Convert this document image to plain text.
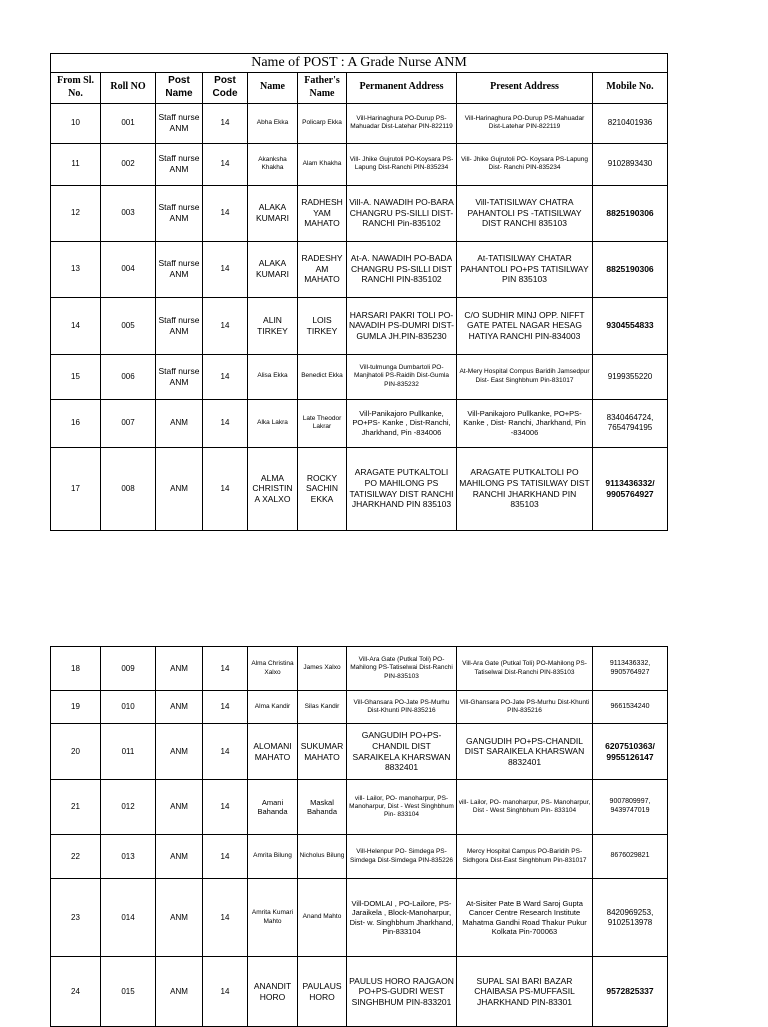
Name of POST : A Grade Nurse ANM								
From Sl. No.	Roll NO	Post Name	Post Code	Name	Father's Name	Permanent Address	Present Address	Mobile No.
10	001	Staff nurse ANM	14	Abha Ekka	Policarp Ekka	Vill-Harinaghura PO-Durup PS-Mahuadar Dist-Latehar PIN-822119	Vill-Harinaghura PO-Durup PS-Mahuadar Dist-Latehar PIN-822119	8210401936
11	002	Staff nurse ANM	14	Akanksha Khakha	Alam Khakha	Vill- Jhike Gujrutoli PO-Koysara PS- Lapung Dist-Ranchi PIN-835234	Vill- Jhike Gujrutoli PO- Koysara PS-Lapung Dist- Ranchi PIN-835234	9102893430
12	003	Staff nurse ANM	14	ALAKA KUMARI	RADHESH YAM MAHATO	Vill-A. NAWADIH PO-BARA CHANGRU PS-SILLI DIST- RANCHI Pin-835102	Vill-TATISILWAY CHATRA PAHANTOLI PS -TATISILWAY DIST RANCHI 835103	8825190306
13	004	Staff nurse ANM	14	ALAKA KUMARI	RADESHY AM MAHATO	At-A. NAWADIH PO-BADA CHANGRU PS-SILLI DIST RANCHI PIN-835102	At-TATISILWAY CHATAR PAHANTOLI PO+PS TATISILWAY PIN 835103	8825190306
14	005	Staff nurse ANM	14	ALIN TIRKEY	LOIS TIRKEY	HARSARI PAKRI TOLI PO-NAVADIH PS-DUMRI DIST-GUMLA JH.PIN-835230	C/O SUDHIR MINJ OPP. NIFFT GATE PATEL NAGAR HESAG HATIYA RANCHI PIN-834003	9304554833
15	006	Staff nurse ANM	14	Alisa Ekka	Benedict Ekka	Vill-tulmunga Dumbartoli PO-Manjhatoli PS-Raidih Dist-Gumla PIN-835232	At-Mery Hospital Compus Baridih Jamsedpur Dist- East Singhbhum Pin-831017	9199355220
16	007	ANM	14	Alka Lakra	Late Theodor Lakrar	Vill-Panikajoro Pullkanke, PO+PS- Kanke , Dist-Ranchi, Jharkhand, Pin -834006	Vill-Panikajoro Pullkanke, PO+PS- Kanke , Dist- Ranchi, Jharkhand, Pin -834006	8340464724, 7654794195
17	008	ANM	14	ALMA CHRISTIN A XALXO	ROCKY SACHIN EKKA	ARAGATE PUTKALTOLI PO MAHILONG PS TATISILWAY DIST RANCHI JHARKHAND PIN 835103	ARAGATE PUTKALTOLI PO MAHILONG PS TATISILWAY DIST RANCHI JHARKHAND PIN 835103	9113436332/ 9905764927
18	009	ANM	14	Alma Christina Xalxo	James Xalxo	Vill-Ara Gate (Putkal Toli) PO-Mahilong PS-Tatiselwai Dist-Ranchi PIN-835103	Vill-Ara Gate (Putkal Toli) PO-Mahilong PS-Tatiselwai Dist-Ranchi PIN-835103	9113436332, 9905764927
19	010	ANM	14	Alma Kandir	Silas Kandir	Vill-Ghansara PO-Jate PS-Murhu Dist-Khunti PIN-835216	Vill-Ghansara PO-Jate PS-Murhu Dist-Khunti PIN-835216	9661534240
20	011	ANM	14	ALOMANI MAHATO	SUKUMAR MAHATO	GANGUDIH PO+PS-CHANDIL DIST SARAIKELA KHARSWAN 8832401	GANGUDIH PO+PS-CHANDIL DIST SARAIKELA KHARSWAN 8832401	6207510363/ 9955126147
21	012	ANM	14	Amani Bahanda	Maskal Bahanda	vill- Lailor, PO- manoharpur, PS- Manoharpur, Dist - West Singhbhum Pin- 833104	vill- Lailor, PO- manoharpur, PS- Manoharpur, Dist - West Singhbhum Pin- 833104	9007809997, 9439747019
22	013	ANM	14	Amrita Bilung	Nicholus Bilung	Vill-Helenpur PO- Simdega PS-Simdega Dist-Simdega PIN-835226	Mercy Hospital Campus PO-Baridih PS-Sidhgora Dist-East Singhbhum Pin-831017	8676029821
23	014	ANM	14	Amrita Kumari Mahto	Anand Mahto	Vill-DOMLAI , PO-Lailore, PS-Jaraikela , Block-Manoharpur, Dist- w. Singhbhum Jharkhand, Pin-833104	At-Sisiter Pate B Ward Saroj Gupta Cancer Centre Research Institute Mahatma Gandhi Road Thakur Pukur Kolkata Pin-700063	8420969253, 9102513978
24	015	ANM	14	ANANDIT HORO	PAULAUS HORO	PAULUS HORO RAJGAON PO+PS-GUDRI WEST SINGHBHUM PIN-833201	SUPAL SAI BARI BAZAR CHAIBASA PS-MUFFASIL JHARKHAND PIN-83301	9572825337
